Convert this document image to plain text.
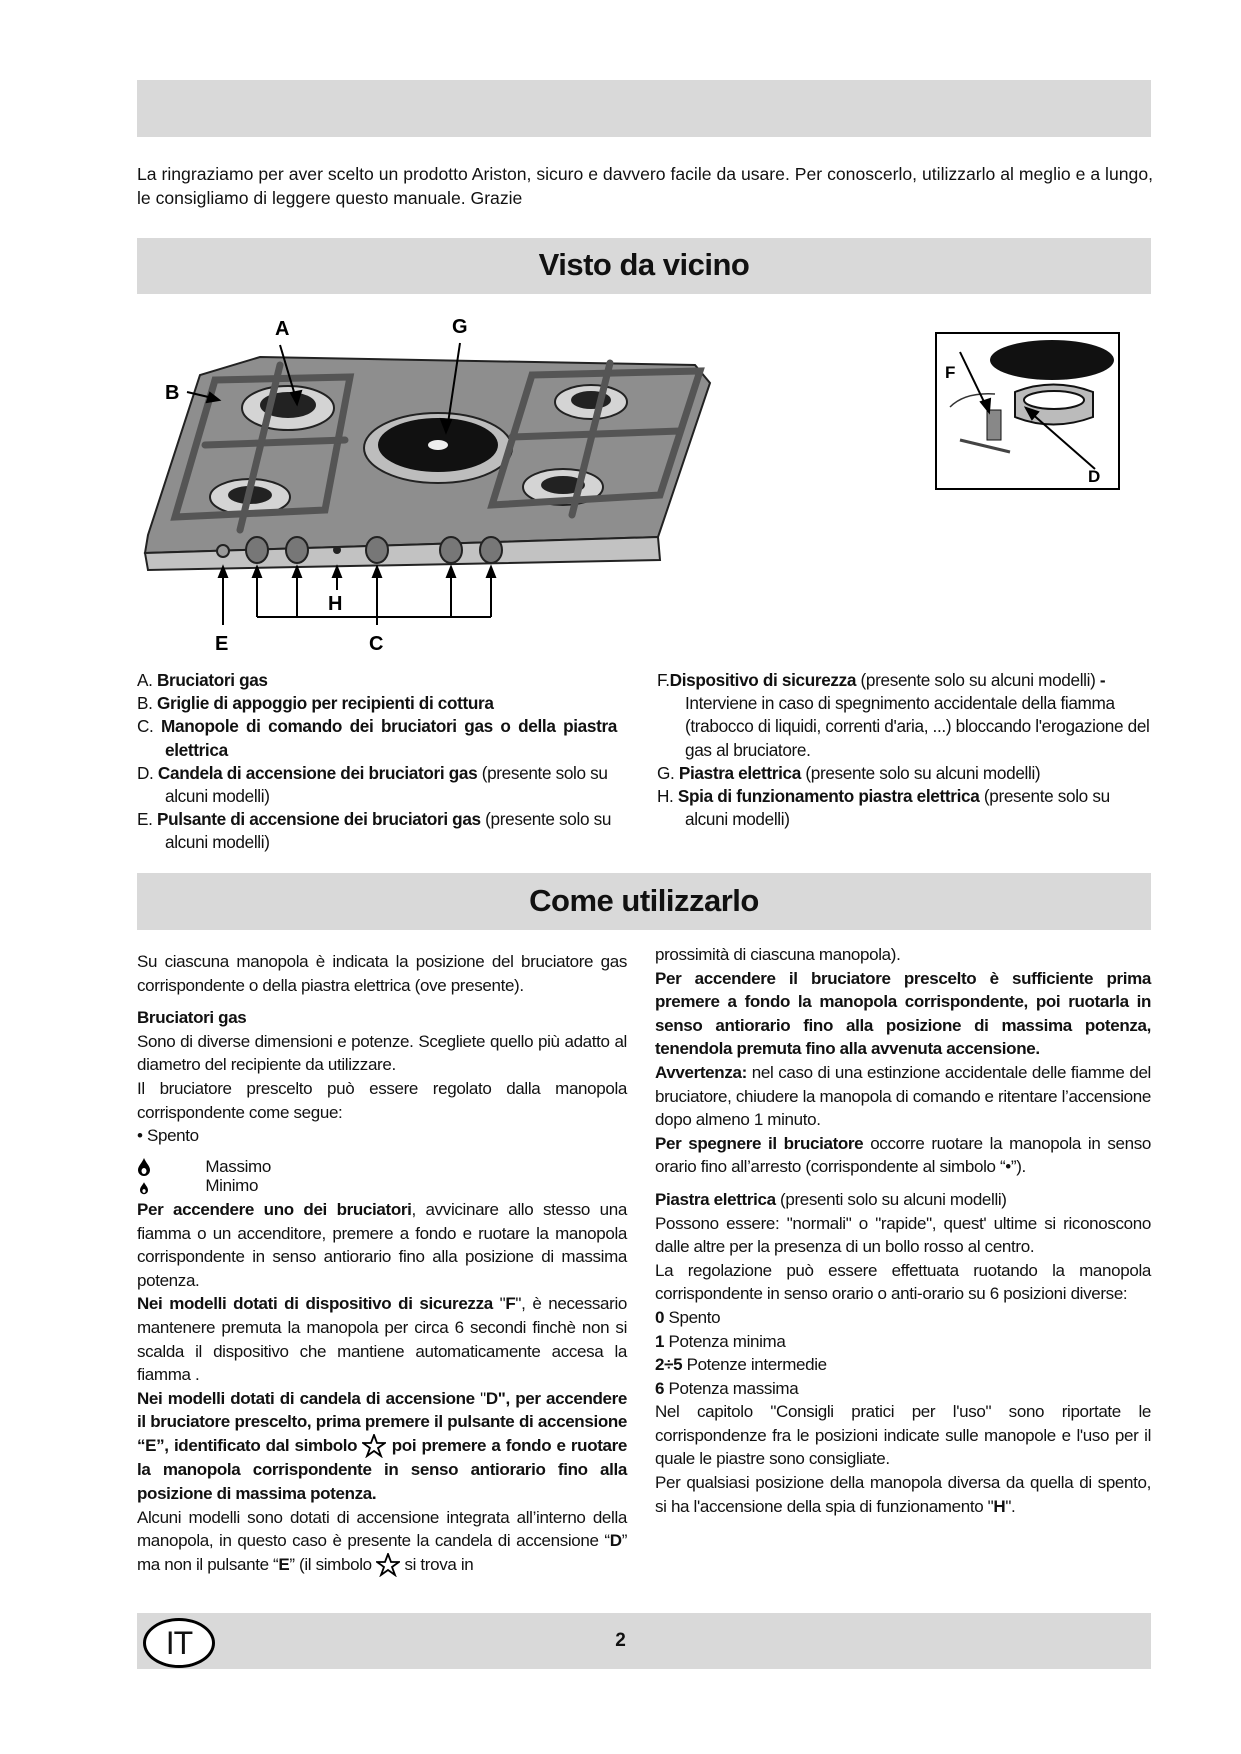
La ringraziamo per aver scelto un prodotto Ariston, sicuro e davvero facile da usare. Per conoscerlo, utilizzarlo al meglio e a lungo, le consigliamo di leggere questo manuale. Grazie

Visto da vicino
A	G
B
H
E	C
F
D

A. Bruciatori gas

B. Griglie di appoggio per recipienti di cottura

C. Manopole di comando dei bruciatori gas o della piastra elettrica

D. Candela di accensione dei bruciatori gas (presente solo su alcuni modelli)

E. Pulsante di accensione dei bruciatori gas (presente solo su alcuni modelli)

F.Dispositivo di sicurezza (presente solo su alcuni modelli) - Interviene in caso di spegnimento accidentale della fiamma (trabocco di liquidi, correnti d'aria, ...) bloccando l'erogazione del gas al bruciatore.

G. Piastra elettrica (presente solo su alcuni modelli)

H. Spia di funzionamento piastra elettrica (presente solo su alcuni modelli)

Come utilizzarlo

Su ciascuna manopola è indicata la posizione del bruciatore gas corrispondente o della piastra elettrica (ove presente).

Bruciatori gas

Sono di diverse dimensioni e potenze. Scegliete quello più adatto al diametro del recipiente da utilizzare.

Il bruciatore prescelto può essere regolato dalla manopola corrispondente come segue:

• Spento

Massimo

Minimo

Per accendere uno dei bruciatori, avvicinare allo stesso una fiamma o un accenditore, premere a fondo e ruotare la manopola corrispondente in senso antiorario fino alla posizione di massima potenza.

Nei modelli dotati di dispositivo di sicurezza "F", è necessario mantenere premuta la manopola per circa 6 secondi finchè non si scalda il dispositivo che mantiene automaticamente accesa la fiamma .

Nei modelli dotati di candela di accensione "D", per accendere il bruciatore prescelto, prima premere il pulsante di accensione “E”, identificato dal simbolo poi premere a fondo e ruotare la manopola corrispondente in senso antiorario fino alla posizione di massima potenza.

Alcuni modelli sono dotati di accensione integrata all’interno della manopola, in questo caso è presente la candela di accensione “D” ma non il pulsante “E” (il simbolo si trova in

prossimità di ciascuna manopola).

Per accendere il bruciatore prescelto è sufficiente prima premere a fondo la manopola corrispondente, poi ruotarla in senso antiorario fino alla posizione di massima potenza, tenendola premuta fino alla avvenuta accensione.

Avvertenza: nel caso di una estinzione accidentale delle fiamme del bruciatore, chiudere la manopola di comando e ritentare l’accensione dopo almeno 1 minuto.

Per spegnere il bruciatore occorre ruotare la manopola in senso orario fino all’arresto (corrispondente al simbolo “•”).

Piastra elettrica (presenti solo su alcuni modelli)

Possono essere: "normali" o "rapide", quest' ultime si riconoscono dalle altre per la presenza di un bollo rosso al centro.

La regolazione può essere effettuata ruotando la manopola corrispondente in senso orario o anti-orario su 6 posizioni diverse:

0 Spento

1 Potenza minima

2÷5 Potenze intermedie

6 Potenza massima

Nel capitolo "Consigli pratici per l'uso" sono riportate le corrispondenze fra le posizioni indicate sulle manopole e l'uso per il quale le piastre sono consigliate.

Per qualsiasi posizione della manopola diversa da quella di spento, si ha l'accensione della spia di funzionamento "H".

IT	2
